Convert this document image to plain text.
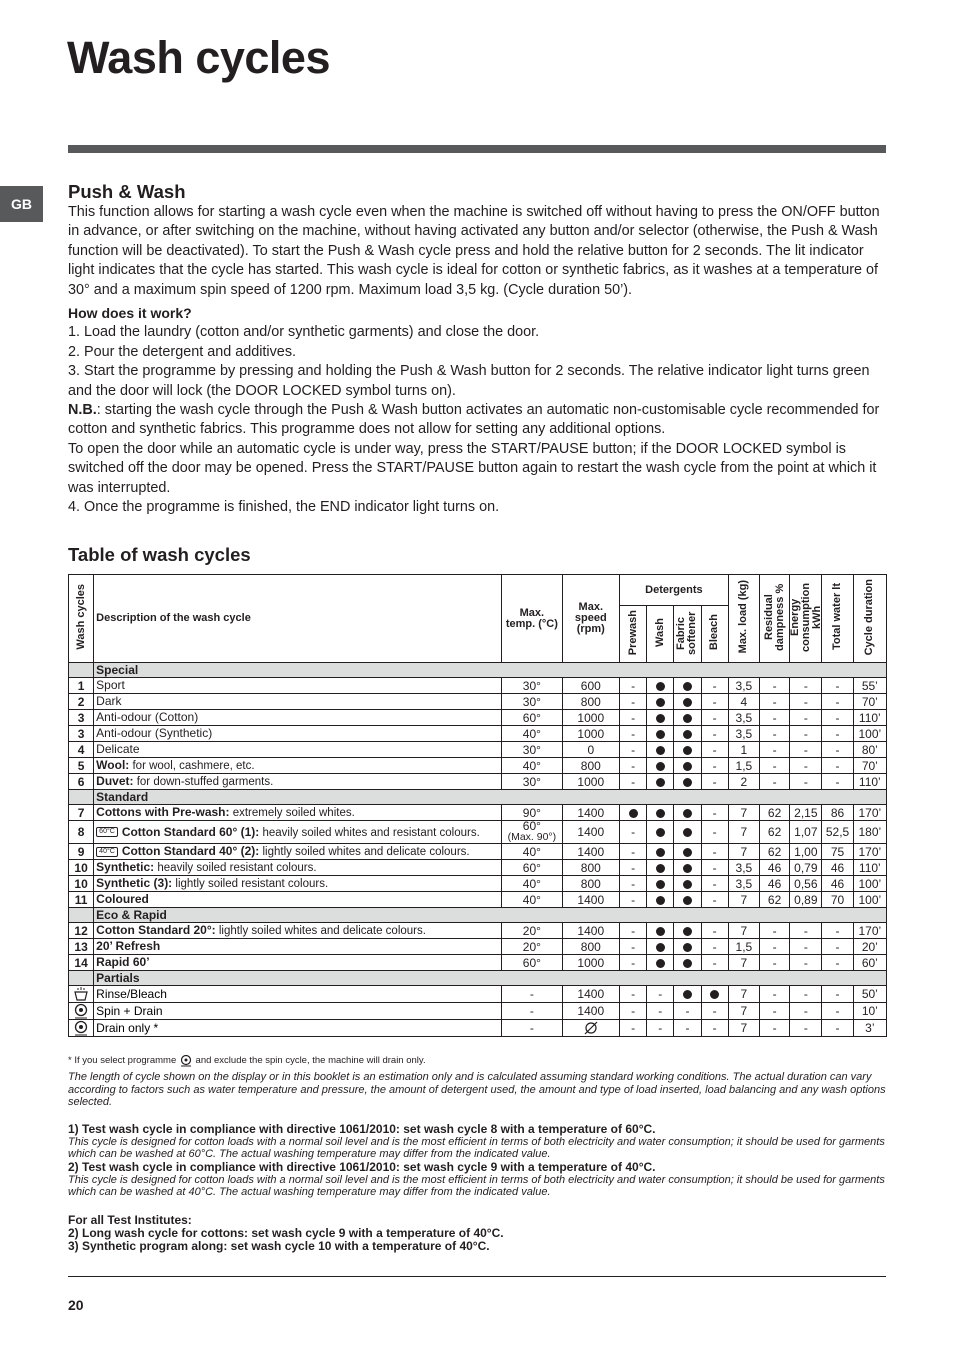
Wash cycles
GB
Push & Wash

This function allows for starting a wash cycle even when the machine is switched off without having to press the ON/OFF button in advance, or after switching on the machine, without having activated any button and/or selector (otherwise, the Push & Wash function will be deactivated). To start the Push & Wash cycle press and hold the relative button for 2 seconds. The lit indicator light indicates that the cycle has started. This wash cycle is ideal for cotton or synthetic fabrics, as it washes at a temperature of 30° and a maximum spin speed of 1200 rpm. Maximum load 3,5 kg. (Cycle duration 50’).

How does it work?

1. Load the laundry (cotton and/or synthetic garments) and close the door.

2. Pour the detergent and additives.

3. Start the programme by pressing and holding the Push & Wash button for 2 seconds. The relative indicator light turns green and the door will lock (the DOOR LOCKED symbol turns on).

N.B.: starting the wash cycle through the Push & Wash button activates an automatic non-customisable cycle recommended for cotton and synthetic fabrics. This programme does not allow for setting any additional options.

To open the door while an automatic cycle is under way, press the START/PAUSE button; if the DOOR LOCKED symbol is switched off the door may be opened. Press the START/PAUSE button again to restart the wash cycle from the point at which it was interrupted.

4. Once the programme is finished, the END indicator light turns on.

Table of wash cycles
Wash cycles	Description of the wash cycle	Max. temp. (°C)	Max. speed (rpm)	Detergents				Max. load (kg)	Residual dampness %	Energy consumption kWh	Total water lt	Cycle duration
				Prewash	Wash	Fabric softener	Bleach					
	Special											
1	Sport	30°	600	-			-	3,5	-	-	-	55’
2	Dark	30°	800	-			-	4	-	-	-	70’
3	Anti-odour (Cotton)	60°	1000	-			-	3,5	-	-	-	110’
3	Anti-odour (Synthetic)	40°	1000	-			-	3,5	-	-	-	100’
4	Delicate	30°	0	-			-	1	-	-	-	80’
5	Wool: for wool, cashmere, etc.	40°	800	-			-	1,5	-	-	-	70’
6	Duvet: for down-stuffed garments.	30°	1000	-			-	2	-	-	-	110’
	Standard											
7	Cottons with Pre-wash: extremely soiled whites.	90°	1400				-	7	62	2,15	86	170’
8	60°C Cotton Standard 60° (1): heavily soiled whites and resistant colours.	60°
(Max. 90°)	1400	-			-	7	62	1,07	52,5	180’
9	40°C Cotton Standard 40° (2): lightly soiled whites and delicate colours.	40°	1400	-			-	7	62	1,00	75	170’
10	Synthetic: heavily soiled resistant colours.	60°	800	-			-	3,5	46	0,79	46	110’
10	Synthetic (3): lightly soiled resistant colours.	40°	800	-			-	3,5	46	0,56	46	100’
11	Coloured	40°	1400	-			-	7	62	0,89	70	100’
	Eco & Rapid											
12	Cotton Standard 20°: lightly soiled whites and delicate colours.	20°	1400	-			-	7	-	-	-	170’
13	20’ Refresh	20°	800	-			-	1,5	-	-	-	20’
14	Rapid 60’	60°	1000	-			-	7	-	-	-	60’
	Partials											
	Rinse/Bleach	-	1400	-	-			7	-	-	-	50’
	Spin + Drain	-	1400	-	-	-	-	7	-	-	-	10’
	Drain only *	-		-	-	-	-	7	-	-	-	3’
* If you select programme  and exclude the spin cycle, the machine will drain only.
The length of cycle shown on the display or in this booklet is an estimation only and is calculated assuming standard working conditions. The actual duration can vary according to factors such as water temperature and pressure, the amount of detergent used, the amount and type of load inserted, load balancing and any wash options selected.
1) Test wash cycle in compliance with directive 1061/2010: set wash cycle 8 with a temperature of 60°C.
This cycle is designed for cotton loads with a normal soil level and is the most efficient in terms of both electricity and water consumption; it should be used for garments which can be washed at 60°C. The actual washing temperature may differ from the indicated value.
2) Test wash cycle in compliance with directive 1061/2010: set wash cycle 9 with a temperature of 40°C.
This cycle is designed for cotton loads with a normal soil level and is the most efficient in terms of both electricity and water consumption; it should be used for garments which can be washed at 40°C. The actual washing temperature may differ from the indicated value.
For all Test Institutes:
2) Long wash cycle for cottons: set wash cycle 9 with a temperature of 40°C.
3) Synthetic program along: set wash cycle 10 with a temperature of 40°C.
20
